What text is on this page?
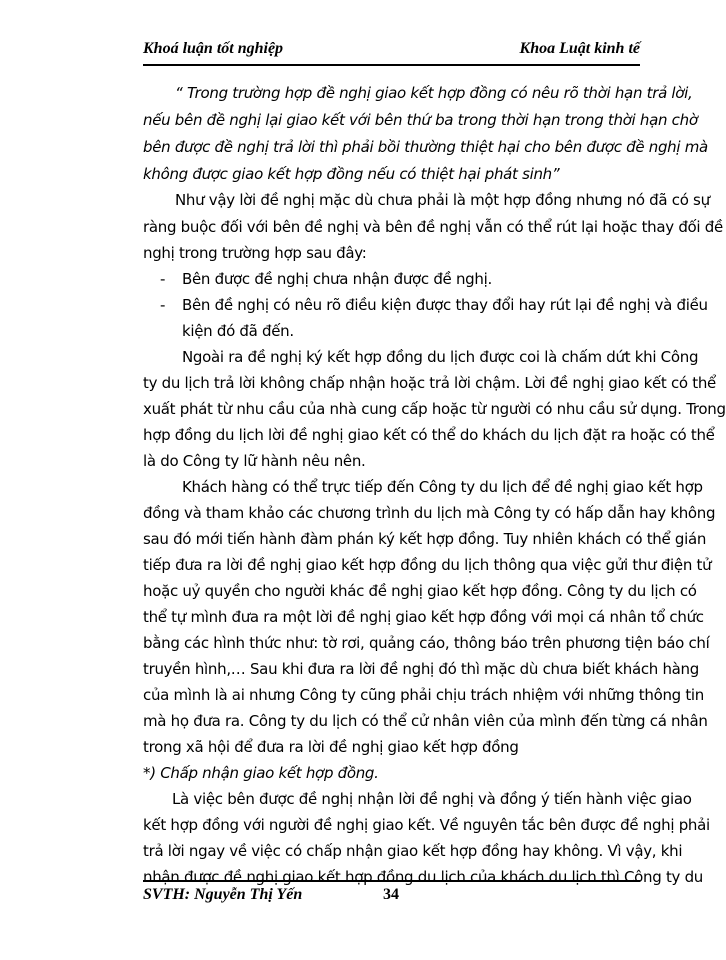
Khoá luận tốt nghiệp	Khoa Luật kinh tế
“ Trong trường hợp đề nghị giao kết hợp đồng có nêu rõ thời hạn trả lời,
nếu bên đề nghị lại giao kết với bên thứ ba trong thời hạn trong thời hạn chờ
bên được đề nghị trả lời thì phải bồi thường thiệt hại cho bên được đề nghị mà
không được giao kết hợp đồng nếu có thiệt hại phát sinh”
Như vậy lời đề nghị mặc dù chưa phải là một hợp đồng nhưng nó đã có sự
ràng buộc đối với bên đề nghị và bên đề nghị vẫn có thể rút lại hoặc thay đối đề
nghị trong trường hợp sau đây:
-	Bên được đề nghị chưa nhận được đề nghị.
-	Bên đề nghị có nêu rõ điều kiện được thay đổi hay rút lại đề nghị và điều
kiện đó đã đến.
Ngoài ra đề nghị ký kết hợp đồng du lịch được coi là chấm dứt khi Công
ty du lịch trả lời không chấp nhận hoặc trả lời chậm. Lời đề nghị giao kết có thể
xuất phát từ nhu cầu của nhà cung cấp hoặc từ người có nhu cầu sử dụng. Trong
hợp đồng du lịch lời đề nghị giao kết có thể do khách du lịch đặt ra hoặc có thể
là do Công ty lữ hành nêu nên.
Khách hàng có thể trực tiếp đến Công ty du lịch để đề nghị giao kết hợp
đồng và tham khảo các chương trình du lịch mà Công ty có hấp dẫn hay không
sau đó mới tiến hành đàm phán ký kết hợp đồng. Tuy nhiên khách có thể gián
tiếp đưa ra lời đề nghị giao kết hợp đồng du lịch thông qua việc gửi thư điện tử
hoặc uỷ quyền cho người khác đề nghị giao kết hợp đồng. Công ty du lịch có
thể tự mình đưa ra một lời đề nghị giao kết hợp đồng với mọi cá nhân tổ chức
bằng các hình thức như: tờ rơi, quảng cáo, thông báo trên phương tiện báo chí
truyền hình,… Sau khi đưa ra lời đề nghị đó thì mặc dù chưa biết khách hàng
của mình là ai nhưng Công ty cũng phải chịu trách nhiệm với những thông tin
mà họ đưa ra. Công ty du lịch có thể cử nhân viên của mình đến từng cá nhân
trong xã hội để đưa ra lời đề nghị giao kết hợp đồng
*) Chấp nhận giao kết hợp đồng.
Là việc bên được đề nghị nhận lời đề nghị và đồng ý tiến hành việc giao
kết hợp đồng với người đề nghị giao kết. Về nguyên tắc bên được đề nghị phải
trả lời ngay về việc có chấp nhận giao kết hợp đồng hay không. Vì vậy, khi
nhận được đề nghị giao kết hợp đồng du lịch của khách du lịch thì Công ty du
SVTH: Nguyễn Thị Yến	34
